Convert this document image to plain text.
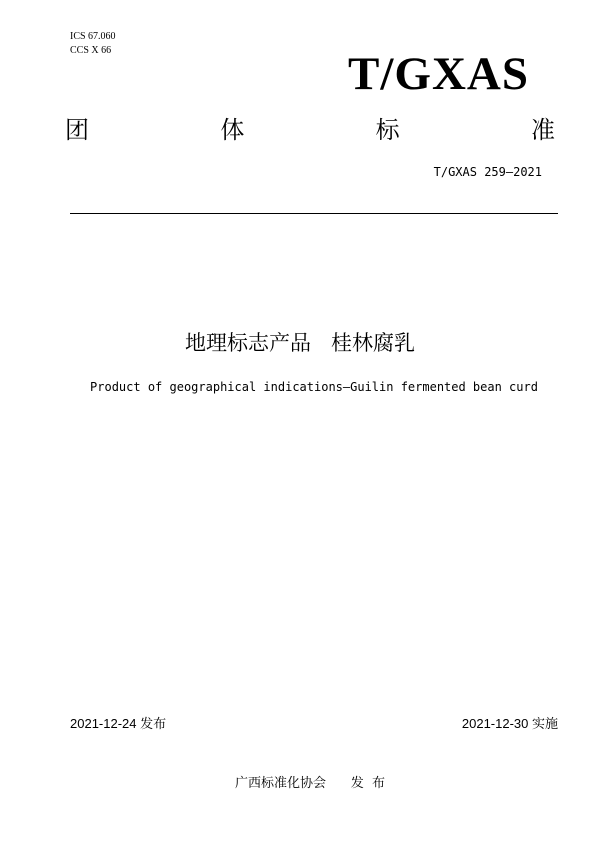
ICS 67.060
CCS X 66	T/GXAS
团	体	标	准
T/GXAS 259—2021
地理标志产品   桂林腐乳
Product of geographical indications—Guilin fermented bean curd
2021-12-24 发布	2021-12-30 实施
广西标准化协会      发  布
